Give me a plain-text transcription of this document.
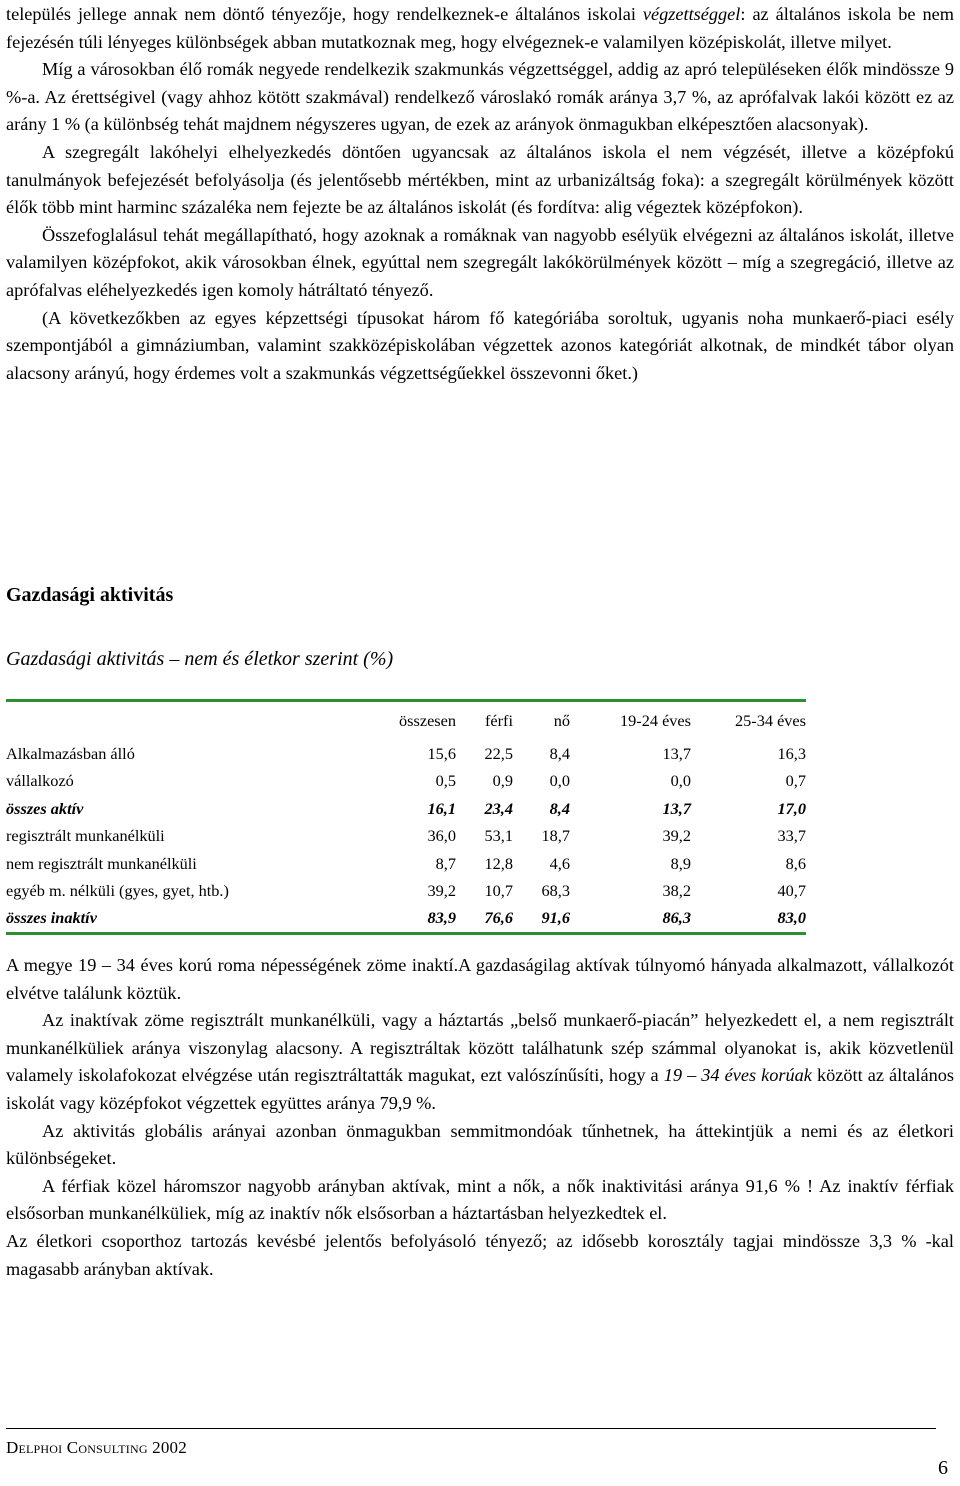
település jellege annak nem döntő tényezője, hogy rendelkeznek-e általános iskolai végzettséggel: az általános iskola be nem fejezésén túli lényeges különbségek abban mutatkoznak meg, hogy elvégeznek-e valamilyen középiskolát, illetve milyet.

Míg a városokban élő romák negyede rendelkezik szakmunkás végzettséggel, addig az apró településeken élők mindössze 9 %-a. Az érettségivel (vagy ahhoz kötött szakmával) rendelkező városlakó romák aránya 3,7 %, az aprófalvak lakói között ez az arány 1 % (a különbség tehát majdnem négyszeres ugyan, de ezek az arányok önmagukban elképesztően alacsonyak).

A szegregált lakóhelyi elhelyezkedés döntően ugyancsak az általános iskola el nem végzését, illetve a középfokú tanulmányok befejezését befolyásolja (és jelentősebb mértékben, mint az urbanizáltság foka): a szegregált körülmények között élők több mint harminc százaléka nem fejezte be az általános iskolát (és fordítva: alig végeztek középfokon).

Összefoglalásul tehát megállapítható, hogy azoknak a romáknak van nagyobb esélyük elvégezni az általános iskolát, illetve valamilyen középfokot, akik városokban élnek, egyúttal nem szegregált lakókörülmények között – míg a szegregáció, illetve az aprófalvas eléhelyezkedés igen komoly hátráltató tényező.

(A következőkben az egyes képzettségi típusokat három fő kategóriába soroltuk, ugyanis noha munkaerő-piaci esély szempontjából a gimnáziumban, valamint szakközépiskolában végzettek azonos kategóriát alkotnak, de mindkét tábor olyan alacsony arányú, hogy érdemes volt a szakmunkás végzettségűekkel összevonni őket.)

Gazdasági aktivitás

Gazdasági aktivitás – nem és életkor szerint (%)

	összesen	férfi	nő	19-24 éves	25-34 éves
Alkalmazásban álló	15,6	22,5	8,4	13,7	16,3
vállalkozó	0,5	0,9	0,0	0,0	0,7
összes aktív	16,1	23,4	8,4	13,7	17,0
regisztrált munkanélküli	36,0	53,1	18,7	39,2	33,7
nem regisztrált munkanélküli	8,7	12,8	4,6	8,9	8,6
egyéb m. nélküli (gyes, gyet, htb.)	39,2	10,7	68,3	38,2	40,7
összes inaktív	83,9	76,6	91,6	86,3	83,0

A megye 19 – 34 éves korú roma népességének zöme inaktí.A gazdaságilag aktívak túlnyomó hányada alkalmazott, vállalkozót elvétve találunk köztük.

Az inaktívak zöme regisztrált munkanélküli, vagy a háztartás „belső munkaerő-piacán” helyezkedett el, a nem regisztrált munkanélküliek aránya viszonylag alacsony. A regisztráltak között találhatunk szép számmal olyanokat is, akik közvetlenül valamely iskolafokozat elvégzése után regisztráltatták magukat, ezt valószínűsíti, hogy a 19 – 34 éves korúak között az általános iskolát vagy középfokot végzettek együttes aránya 79,9 %.

Az aktivitás globális arányai azonban önmagukban semmitmondóak tűnhetnek, ha áttekintjük a nemi és az életkori különbségeket.

A férfiak közel háromszor nagyobb arányban aktívak, mint a nők, a nők inaktivitási aránya 91,6 % ! Az inaktív férfiak elsősorban munkanélküliek, míg az inaktív nők elsősorban a háztartásban helyezkedtek el.

Az életkori csoporthoz tartozás kevésbé jelentős befolyásoló tényező; az idősebb korosztály tagjai mindössze 3,3 % -kal magasabb arányban aktívak.

Delphoi Consulting 2002

6
